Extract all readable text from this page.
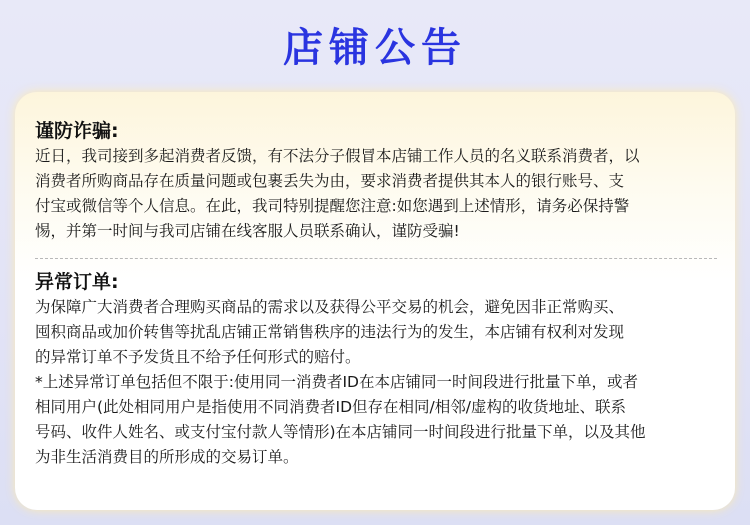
店铺公告
谨防诈骗:

近日，我司接到多起消费者反馈，有不法分子假冒本店铺工作人员的名义联系消费者，以
消费者所购商品存在质量问题或包裹丢失为由，要求消费者提供其本人的银行账号、支
付宝或微信等个人信息。在此，我司特别提醒您注意:如您遇到上述情形，请务必保持警
惕，并第一时间与我司店铺在线客服人员联系确认，谨防受骗!

异常订单:

为保障广大消费者合理购买商品的需求以及获得公平交易的机会，避免因非正常购买、
囤积商品或加价转售等扰乱店铺正常销售秩序的违法行为的发生，本店铺有权利对发现
的异常订单不予发货且不给予任何形式的赔付。
*上述异常订单包括但不限于:使用同一消费者ID在本店铺同一时间段进行批量下单，或者
相同用户(此处相同用户是指使用不同消费者ID但存在相同/相邻/虚构的收货地址、联系
号码、收件人姓名、或支付宝付款人等情形)在本店铺同一时间段进行批量下单，以及其他
为非生活消费目的所形成的交易订单。
